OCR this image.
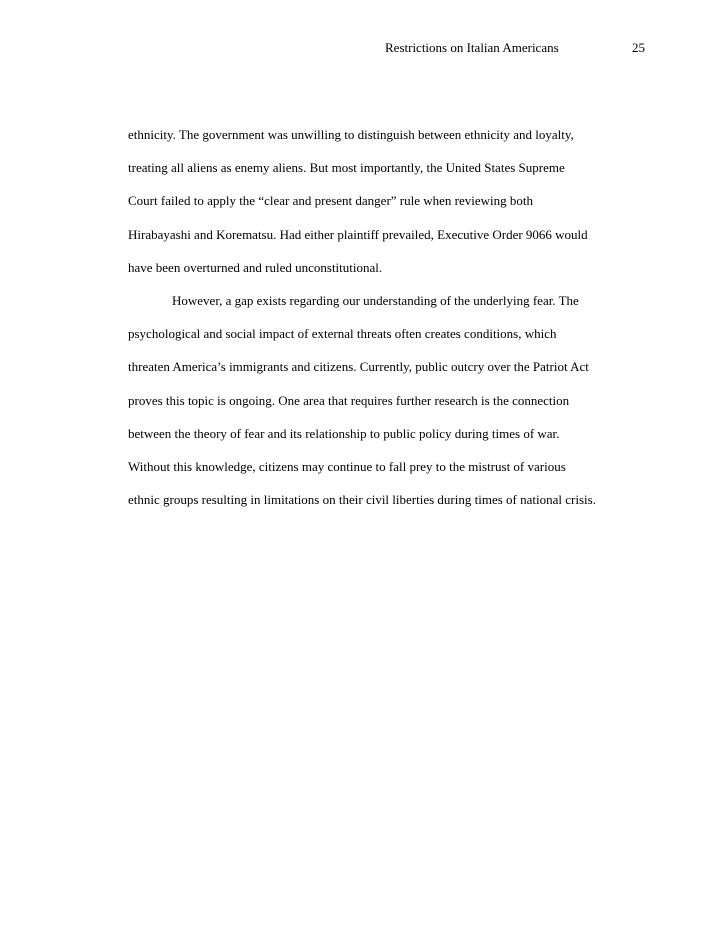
Restrictions on Italian Americans	25
ethnicity. The government was unwilling to distinguish between ethnicity and loyalty,
treating all aliens as enemy aliens. But most importantly, the United States Supreme
Court failed to apply the “clear and present danger” rule when reviewing both
Hirabayashi and Korematsu. Had either plaintiff prevailed, Executive Order 9066 would
have been overturned and ruled unconstitutional.
However, a gap exists regarding our understanding of the underlying fear. The
psychological and social impact of external threats often creates conditions, which
threaten America’s immigrants and citizens. Currently, public outcry over the Patriot Act
proves this topic is ongoing. One area that requires further research is the connection
between the theory of fear and its relationship to public policy during times of war.
Without this knowledge, citizens may continue to fall prey to the mistrust of various
ethnic groups resulting in limitations on their civil liberties during times of national crisis.
